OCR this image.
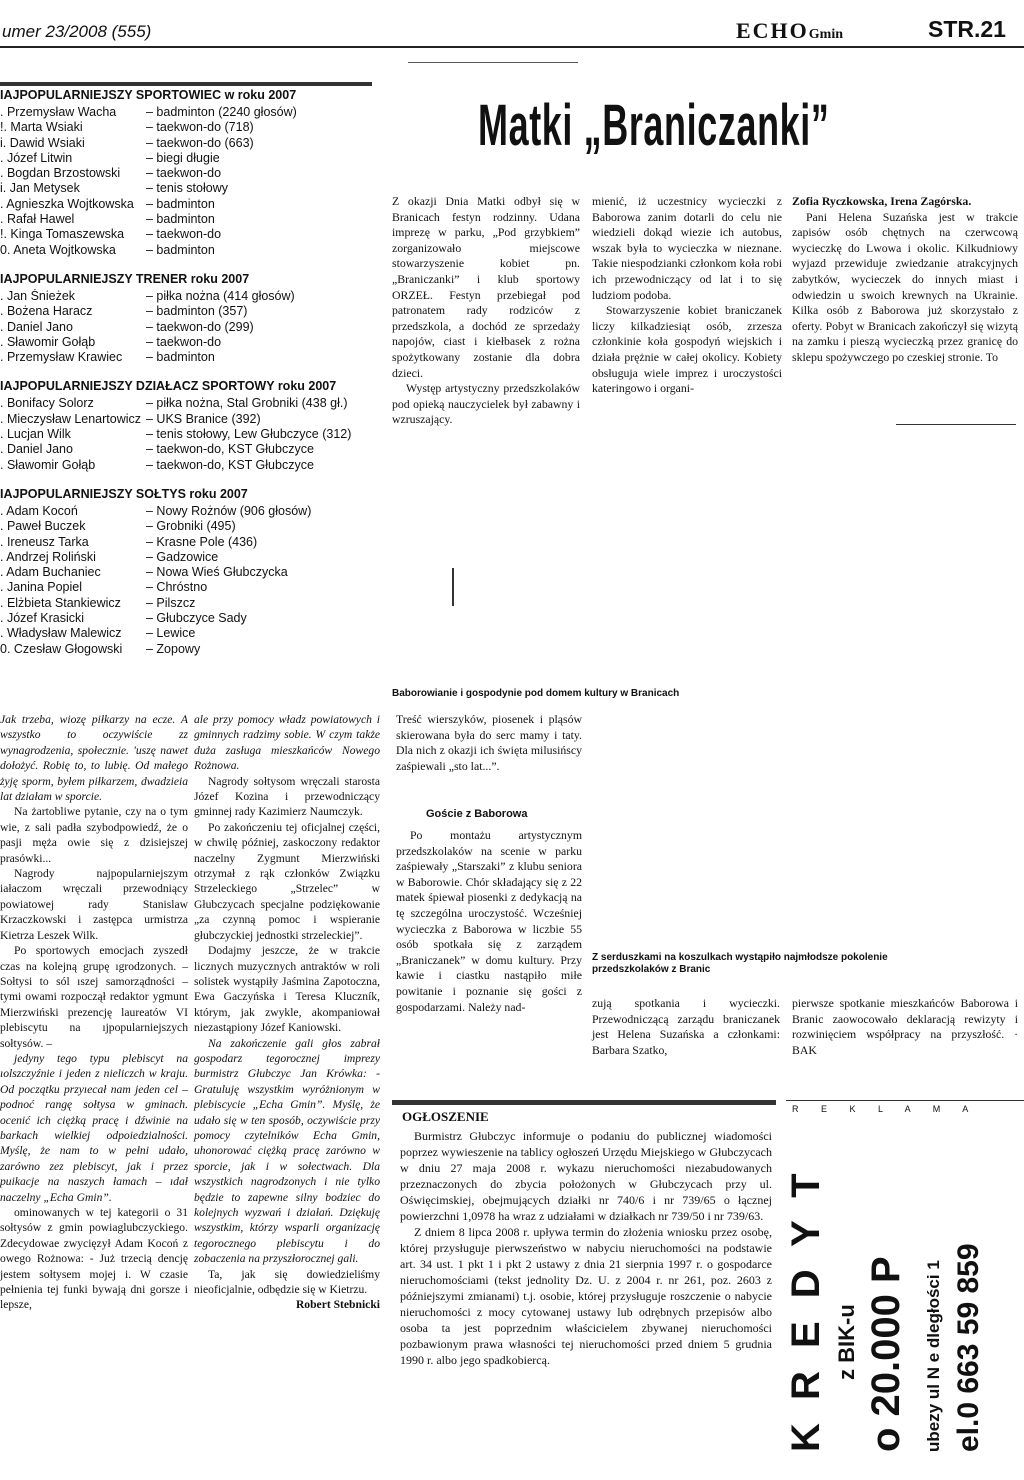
umer 23/2008 (555)	ECHOGmin	STR.21
IAJPOPULARNIEJSZY SPORTOWIEC w roku 2007
. Przemysław Wacha	– badminton (2240 głosów)
!. Marta Wsiaki	– taekwon-do (718)
i. Dawid Wsiaki	– taekwon-do (663)
. Józef Litwin	– biegi długie
. Bogdan Brzostowski	– taekwon-do
i. Jan Metysek	– tenis stołowy
. Agnieszka Wojtkowska – badminton
. Rafał Hawel	– badminton
!. Kinga Tomaszewska	– taekwon-do
0. Aneta Wojtkowska	– badminton
IAJPOPULARNIEJSZY TRENER roku 2007
. Jan Śnieżek	– piłka nożna (414 głosów)
. Bożena Haracz	– badminton (357)
. Daniel Jano	– taekwon-do (299)
. Sławomir Gołąb	– taekwon-do
. Przemysław Krawiec	– badminton
IAJPOPULARNIEJSZY DZIAŁACZ SPORTOWY roku 2007
. Bonifacy Solorz	– piłka nożna, Stal Grobniki (438 gł.)
. Mieczysław Lenartowicz – UKS Branice (392)
. Lucjan Wilk	– tenis stołowy, Lew Głubczyce (312)
. Daniel Jano	– taekwon-do, KST Głubczyce
. Sławomir Gołąb	– taekwon-do, KST Głubczyce
IAJPOPULARNIEJSZY SOŁTYS roku 2007
. Adam Kocoń	– Nowy Rożnów (906 głosów)
. Paweł Buczek	– Grobniki (495)
. Ireneusz Tarka	– Krasne Pole (436)
. Andrzej Roliński	– Gadzowice
. Adam Buchaniec	– Nowa Wieś Głubczycka
. Janina Popiel	– Chróstno
. Elżbieta Stankiewicz	– Pilszcz
. Józef Krasicki	– Głubczyce Sady
. Władysław Malewicz	– Lewice
0. Czesław Głogowski	– Zopowy
Matki „Braniczanki”

Z okazji Dnia Matki odbył się w Branicach festyn rodzinny. Udana imprezę w parku, „Pod grzybkiem” zorganizowało miejscowe stowarzyszenie kobiet pn. „Braniczanki” i klub sportowy ORZEŁ. Festyn przebiegał pod patronatem rady rodziców z przedszkola, a dochód ze sprzedaży napojów, ciast i kiełbasek z rożna spożytkowany zostanie dla dobra dzieci.

Występ artystyczny przedszkolaków pod opieką nauczycielek był zabawny i wzruszający.

mienić, iż uczestnicy wycieczki z Baborowa zanim dotarli do celu nie wiedzieli dokąd wiezie ich autobus, wszak była to wycieczka w nieznane. Takie niespodzianki członkom koła robi ich przewodniczący od lat i to się ludziom podoba.

Stowarzyszenie kobiet braniczanek liczy kilkadziesiąt osób, zrzesza członkinie koła gospodyń wiejskich i działa prężnie w całej okolicy. Kobiety obsługuja wiele imprez i uroczystości kateringowo i organi-

Zofia Ryczkowska, Irena Zagórska.

Pani Helena Suzańska jest w trakcie zapisów osób chętnych na czerwcową wycieczkę do Lwowa i okolic. Kilkudniowy wyjazd przewiduje zwiedzanie atrakcyjnych zabytków, wycieczek do innych miast i odwiedzin u swoich krewnych na Ukrainie. Kilka osób z Baborowa już skorzystało z oferty. Pobyt w Branicach zakończył się wizytą na zamku i pieszą wycieczką przez granicę do sklepu spożywczego po czeskiej stronie. To

Baborowianie i gospodynie pod domem kultury w Branicach

Treść wierszyków, piosenek i pląsów skierowana była do serc mamy i taty. Dla nich z okazji ich święta milusińscy zaśpiewali „sto lat...”.

Goście z Baborowa

Po montażu artystycznym przedszkolaków na scenie w parku zaśpiewały „Starszaki” z klubu seniora w Baborowie. Chór składający się z 22 matek śpiewał piosenki z dedykacją na tę szczególna uroczystość. Wcześniej wycieczka z Baborowa w liczbie 55 osób spotkała się z zarządem „Braniczanek” w domu kultury. Przy kawie i ciastku nastąpiło miłe powitanie i poznanie się gości z gospodarzami. Należy nad-

Z serduszkami na koszulkach wystąpiło najmłodsze pokolenie przedszkolaków z Branic

zują spotkania i wycieczki. Przewodniczącą zarządu braniczanek jest Helena Suzańska a członkami: Barbara Szatko,

pierwsze spotkanie mieszkańców Baborowa i Branic zaowocowało deklaracją rewizyty i rozwinięciem współpracy na przyszłość. · BAK

Jak trzeba, wiozę piłkarzy na ecze. A wszystko to oczywiście zz wynagrodzenia, społecznie. 'uszę nawet dołożyć. Robię to, to lubię. Od małego żyję sporm, byłem piłkarzem, dwadzieia lat działam w sporcie.

Na żartobliwe pytanie, czy na o tym wie, z sali padła szybodpowiedź, że o pasji męża owie się z dzisiejszej prasówki...

Nagrody najpopularniejszym iałaczom wręczali przewodniący powiatowej rady Stanislaw Krzaczkowski i zastępca urmistrza Kietrza Leszek Wilk.

Po sportowych emocjach zyszedł czas na kolejną grupę ıgrodzonych. – Sołtysi to sól ıszej samorządności – tymi owami rozpoczął redaktor ygmunt Mierzwiński prezencję laureatów VI plebiscytu na ıjpopularniejszych sołtysów. –

jedyny tego typu plebiscyt na ıolszczyźnie i jeden z nieliczch w kraju. Od początku przyıecał nam jeden cel – podnoć rangę sołtysa w gminach. ocenić ich ciężką pracę i dźwinie na barkach wielkiej odpoiedzialności. Myślę, że nam to w pełni udało, zarówno zez plebiscyt, jak i przez puikacje na naszych łamach – ıdał naczelny „Echa Gmin”.

ominowanych w tej kategorii o 31 sołtysów z gmin powiaglubczyckiego. Zdecydowae zwycięzył Adam Kocoń z owego Rożnowa: - Już trzecią dencję jestem sołtysem mojej i. W czasie pełnienia tej funki bywają dni gorsze i lepsze,

ale przy pomocy władz powiatowych i gminnych radzimy sobie. W czym także duża zasługa mieszkańców Nowego Rożnowa.

Nagrody sołtysom wręczali starosta Józef Kozina i przewodniczący gminnej rady Kazimierz Naumczyk.

Po zakończeniu tej oficjalnej części, w chwilę później, zaskoczony redaktor naczelny Zygmunt Mierzwiński otrzymał z rąk członków Związku Strzeleckiego „Strzelec” w Głubczycach specjalne podziękowanie „za czynną pomoc i wspieranie głubczyckiej jednostki strzeleckiej”.

Dodajmy jeszcze, że w trakcie licznych muzycznych antraktów w roli solistek wystąpiły Jaśmina Zapotoczna, Ewa Gaczyńska i Teresa Kluczník, którym, jak zwykle, akompaniował niezastąpiony Józef Kaniowski.

Na zakończenie gali głos zabrał gospodarz tegorocznej imprezy burmistrz Głubczyc Jan Krówka: - Gratuluję wszystkim wyróżnionym w plebiscycie „Echa Gmin”. Myślę, że udało się w ten sposób, oczywiście przy pomocy czytelników Echa Gmin, uhonorować ciężką pracę zarówno w sporcie, jak i w sołectwach. Dla wszystkich nagrodzonych i nie tylko będzie to zapewne silny bodziec do kolejnych wyzwań i działań. Dziękuję wszystkim, którzy wsparli organizację tegorocznego plebiscytu i do zobaczenia na przyszłorocznej gali.

Ta, jak się dowiedzieliśmy nieoficjalnie, odbędzie się w Kietrzu.

Robert Stebnicki

OGŁOSZENIE

Burmistrz Głubczyc informuje o podaniu do publicznej wiadomości poprzez wywieszenie na tablicy ogłoszeń Urzędu Miejskiego w Głubczycach w dniu 27 maja 2008 r. wykazu nieruchomości niezabudowanych przeznaczonych do zbycia położonych w Głubczycach przy ul. Oświęcimskiej, obejmujących działki nr 740/6 i nr 739/65 o łącznej powierzchni 1,0978 ha wraz z udziałami w działkach nr 739/50 i nr 739/63.

Z dniem 8 lipca 2008 r. upływa termin do złożenia wniosku przez osobę, której przysługuje pierwszeństwo w nabyciu nieruchomości na podstawie art. 34 ust. 1 pkt 1 i pkt 2 ustawy z dnia 21 sierpnia 1997 r. o gospodarce nieruchomościami (tekst jednolity Dz. U. z 2004 r. nr 261, poz. 2603 z późniejszymi zmianami) t.j. osobie, której przysługuje roszczenie o nabycie nieruchomości z mocy cytowanej ustawy lub odrębnych przepisów albo osoba ta jest poprzednim właścicielem zbywanej nieruchomości pozbawionym prawa własności tej nieruchomości przed dniem 5 grudnia 1990 r. albo jego spadkobiercą.

R E K L A M A
K R E D Y T z BIK-u o 20.000 P ubezy ul N e dległości 1 el.0 663 59 859
